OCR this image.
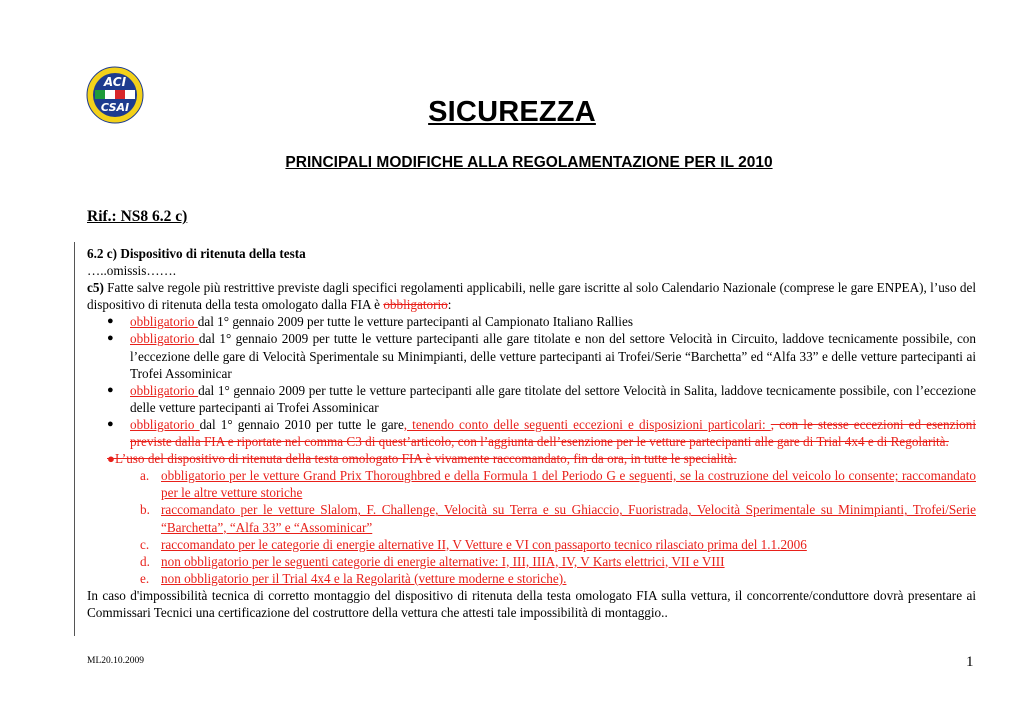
ACI
CSAI	SICUREZZA
PRINCIPALI MODIFICHE ALLA REGOLAMENTAZIONE PER IL 2010
Rif.: NS8 6.2 c)

6.2 c) Dispositivo di ritenuta della testa

…..omissis…….

c5) Fatte salve regole più restrittive previste dagli specifici regolamenti applicabili, nelle gare iscritte al solo Calendario Nazionale (comprese le gare ENPEA), l’uso del dispositivo di ritenuta della testa omologato dalla FIA è obbligatorio:

● obbligatorio dal 1° gennaio 2009 per tutte le vetture partecipanti al Campionato Italiano Rallies
● obbligatorio dal 1° gennaio 2009 per tutte le vetture partecipanti alle gare titolate e non del settore Velocità in Circuito, laddove tecnicamente possibile, con l’eccezione delle gare di Velocità Sperimentale su Minimpianti, delle vetture partecipanti ai Trofei/Serie “Barchetta” ed “Alfa 33” e delle vetture partecipanti ai Trofei Assominicar
● obbligatorio dal 1° gennaio 2009 per tutte le vetture partecipanti alle gare titolate del settore Velocità in Salita, laddove tecnicamente possibile, con l’eccezione delle vetture partecipanti ai Trofei Assominicar
● obbligatorio dal 1° gennaio 2010 per tutte le gare, tenendo conto delle seguenti eccezioni e disposizioni particolari: , con le stesse eccezioni ed esenzioni previste dalla FIA e riportate nel comma C3 di quest’articolo, con l’aggiunta dell’esenzione per le vetture partecipanti alle gare di Trial 4x4 e di Regolarità.

●L’uso del dispositivo di ritenuta della testa omologato FIA è vivamente raccomandato, fin da ora, in tutte le specialità.

a. obbligatorio per le vetture Grand Prix Thoroughbred e della Formula 1 del Periodo G e seguenti, se la costruzione del veicolo lo consente; raccomandato per le altre vetture storiche
b. raccomandato per le vetture Slalom, F. Challenge, Velocità su Terra e su Ghiaccio, Fuoristrada, Velocità Sperimentale su Minimpianti, Trofei/Serie “Barchetta”, “Alfa 33” e “Assominicar”
c. raccomandato per le categorie di energie alternative II, V Vetture e VI con passaporto tecnico rilasciato prima del 1.1.2006
d. non obbligatorio per le seguenti categorie di energie alternative: I, III, IIIA, IV, V Karts elettrici, VII e VIII
e. non obbligatorio per il Trial 4x4 e la Regolarità (vetture moderne e storiche).

In caso d'impossibilità tecnica di corretto montaggio del dispositivo di ritenuta della testa omologato FIA sulla vettura, il concorrente/conduttore dovrà presentare ai Commissari Tecnici una certificazione del costruttore della vettura che attesti tale impossibilità di montaggio..

ML20.10.2009	1
